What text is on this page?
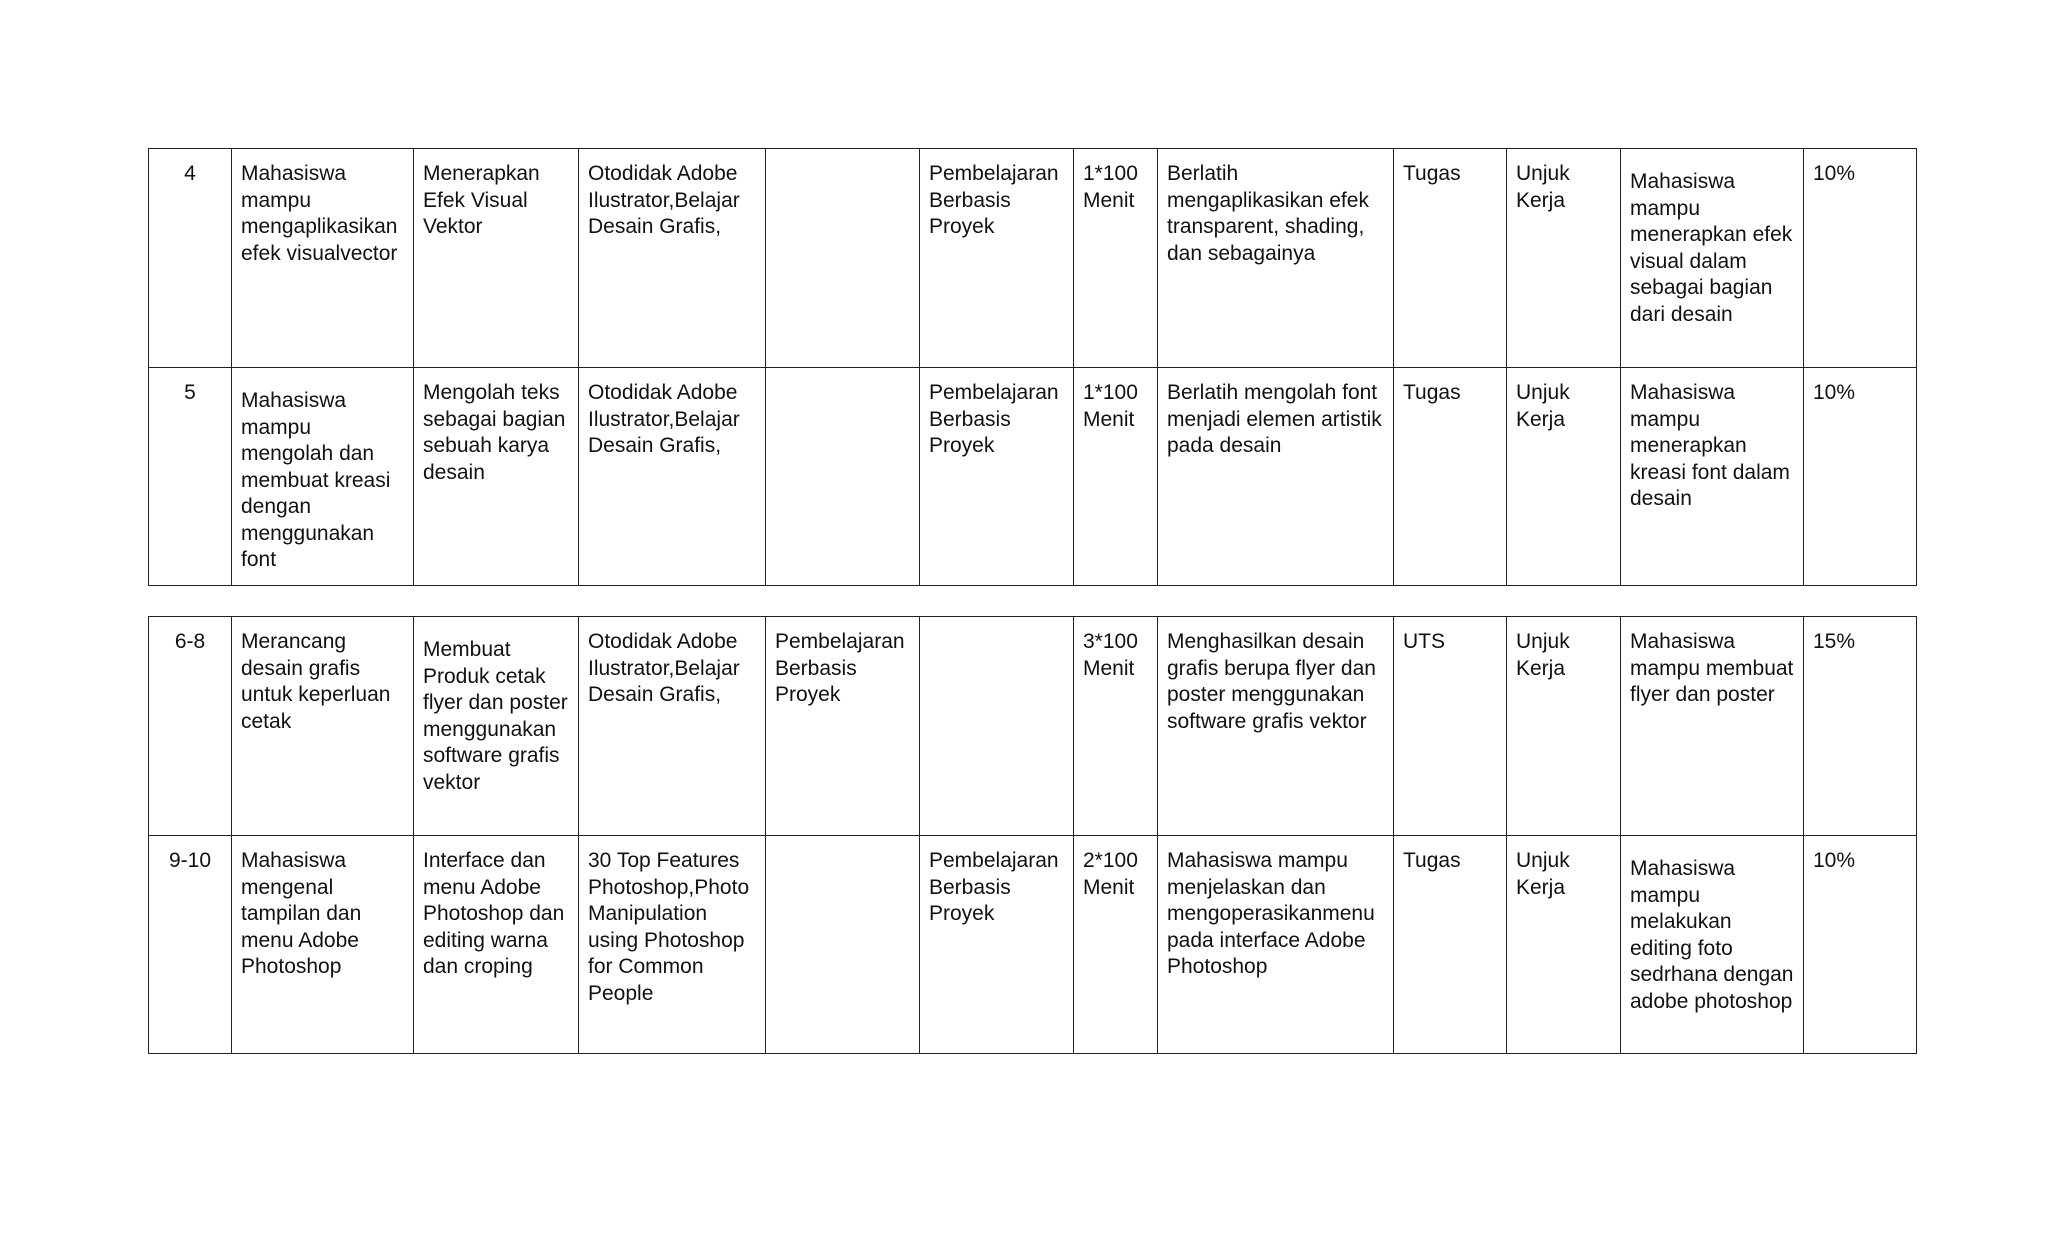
4	Mahasiswa mampu mengaplikasikan efek visualvector	Menerapkan Efek Visual Vektor	Otodidak Adobe Ilustrator,Belajar Desain Grafis,		Pembelajaran Berbasis Proyek	1*100 Menit	Berlatih mengaplikasikan efek transparent, shading, dan sebagainya	Tugas	Unjuk Kerja	Mahasiswa mampu menerapkan efek visual dalam sebagai bagian dari desain	10%

5	Mahasiswa mampu mengolah dan membuat kreasi dengan menggunakan font	Mengolah teks sebagai bagian sebuah karya desain	Otodidak Adobe Ilustrator,Belajar Desain Grafis,		Pembelajaran Berbasis Proyek	1*100 Menit	Berlatih mengolah font menjadi elemen artistik pada desain	Tugas	Unjuk Kerja	Mahasiswa mampu menerapkan kreasi font dalam desain	10%
6-8	Merancang desain grafis untuk keperluan cetak	Membuat Produk cetak flyer dan poster menggunakan software grafis vektor	Otodidak Adobe Ilustrator,Belajar Desain Grafis,	Pembelajaran Berbasis Proyek		3*100 Menit	Menghasilkan desain grafis berupa flyer dan poster menggunakan software grafis vektor	UTS	Unjuk Kerja	Mahasiswa mampu membuat flyer dan poster	15%

9-10	Mahasiswa mengenal tampilan dan menu Adobe Photoshop	Interface dan menu Adobe Photoshop dan editing warna dan croping	30 Top Features Photoshop,Photo Manipulation using Photoshop for Common People		Pembelajaran Berbasis Proyek	2*100 Menit	Mahasiswa mampu menjelaskan dan mengoperasikanmenu pada interface Adobe Photoshop	Tugas	Unjuk Kerja	Mahasiswa mampu melakukan editing foto sedrhana dengan adobe photoshop	10%
